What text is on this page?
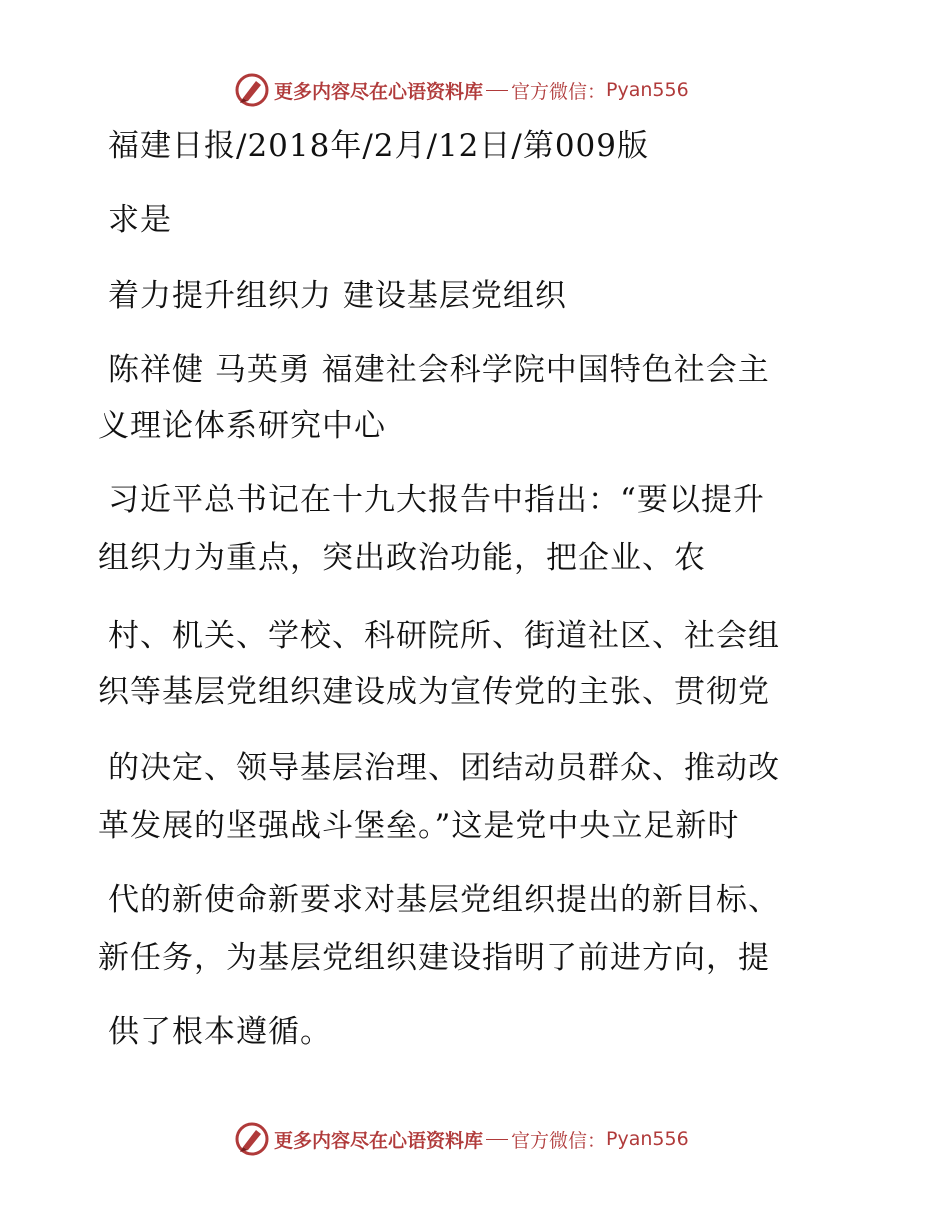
更多内容尽在心语资料库 官方微信： Pyan556
福建日报/2018年/2月/12日/第009版
求是
着力提升组织力 建设基层党组织
陈祥健 马英勇 福建社会科学院中国特色社会主
义理论体系研究中心
习近平总书记在十九大报告中指出：“要以提升
组织力为重点，突出政治功能，把企业、农
村、机关、学校、科研院所、街道社区、社会组
织等基层党组织建设成为宣传党的主张、贯彻党
的决定、领导基层治理、团结动员群众、推动改
革发展的坚强战斗堡垒。”这是党中央立足新时
代的新使命新要求对基层党组织提出的新目标、
新任务，为基层党组织建设指明了前进方向，提
供了根本遵循。
更多内容尽在心语资料库 官方微信： Pyan556
